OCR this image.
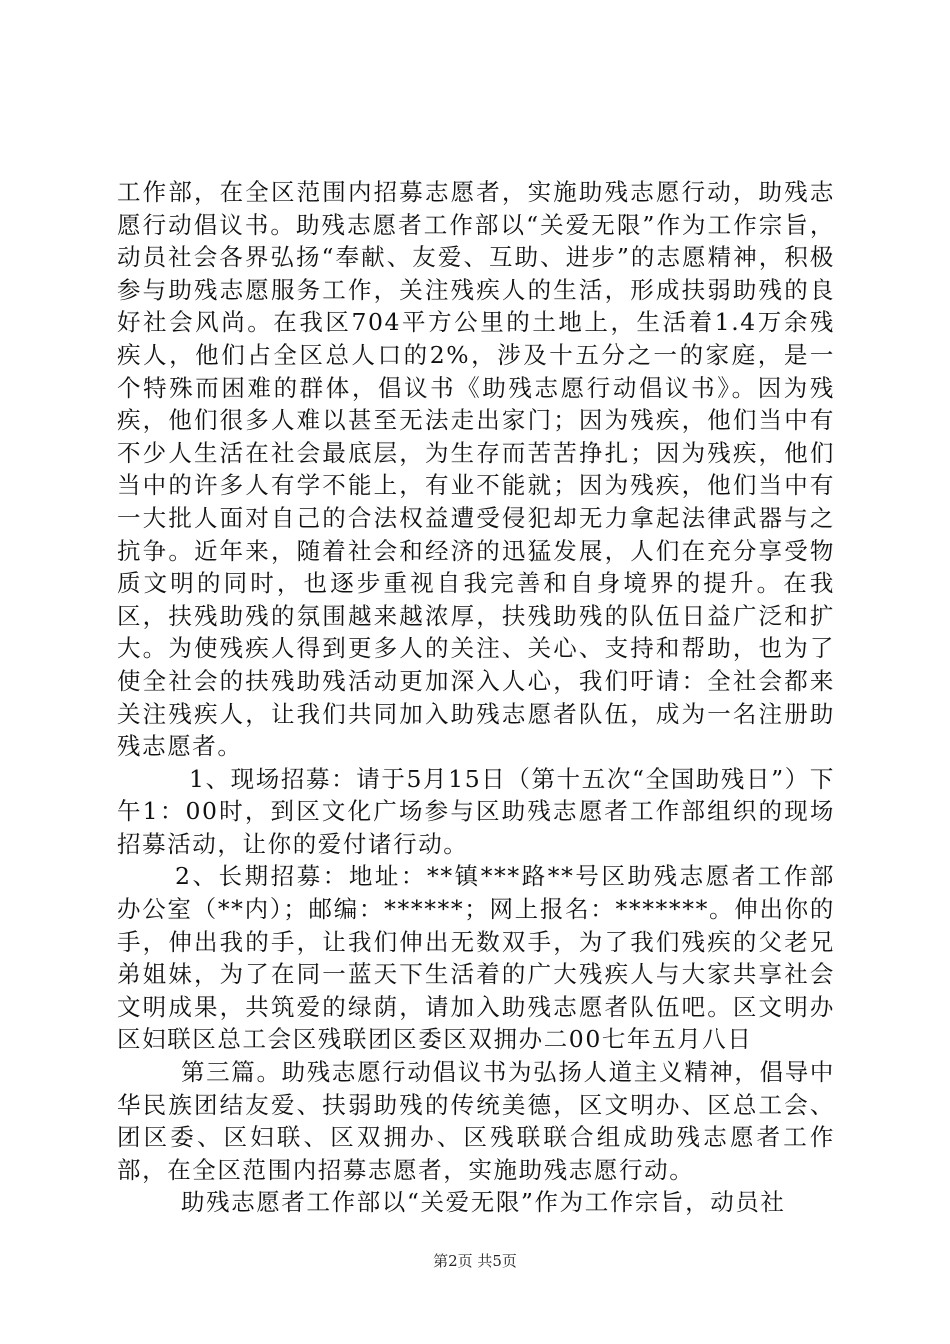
工作部，在全区范围内招募志愿者，实施助残志愿行动，助残志愿行动倡议书。助残志愿者工作部以“关爱无限”作为工作宗旨，动员社会各界弘扬“奉献、友爱、互助、进步”的志愿精神，积极参与助残志愿服务工作，关注残疾人的生活，形成扶弱助残的良好社会风尚。在我区704平方公里的土地上，生活着1.4万余残疾人，他们占全区总人口的2%，涉及十五分之一的家庭，是一个特殊而困难的群体，倡议书《助残志愿行动倡议书》。因为残疾，他们很多人难以甚至无法走出家门；因为残疾，他们当中有不少人生活在社会最底层，为生存而苦苦挣扎；因为残疾，他们当中的许多人有学不能上，有业不能就；因为残疾，他们当中有一大批人面对自己的合法权益遭受侵犯却无力拿起法律武器与之抗争。近年来，随着社会和经济的迅猛发展，人们在充分享受物质文明的同时，也逐步重视自我完善和自身境界的提升。在我区，扶残助残的氛围越来越浓厚，扶残助残的队伍日益广泛和扩大。为使残疾人得到更多人的关注、关心、支持和帮助，也为了使全社会的扶残助残活动更加深入人心，我们吁请：全社会都来关注残疾人，让我们共同加入助残志愿者队伍，成为一名注册助残志愿者。

1、现场招募：请于5月15日（第十五次“全国助残日”）下午1：00时，到区文化广场参与区助残志愿者工作部组织的现场招募活动，让你的爱付诸行动。

2、长期招募：地址：**镇***路**号区助残志愿者工作部办公室（**内）；邮编：******；网上报名：*******。伸出你的手，伸出我的手，让我们伸出无数双手，为了我们残疾的父老兄弟姐妹，为了在同一蓝天下生活着的广大残疾人与大家共享社会文明成果，共筑爱的绿荫，请加入助残志愿者队伍吧。区文明办区妇联区总工会区残联团区委区双拥办二00七年五月八日

第三篇。助残志愿行动倡议书为弘扬人道主义精神，倡导中华民族团结友爱、扶弱助残的传统美德，区文明办、区总工会、团区委、区妇联、区双拥办、区残联联合组成助残志愿者工作部，在全区范围内招募志愿者，实施助残志愿行动。

助残志愿者工作部以“关爱无限”作为工作宗旨，动员社

第2页 共5页
